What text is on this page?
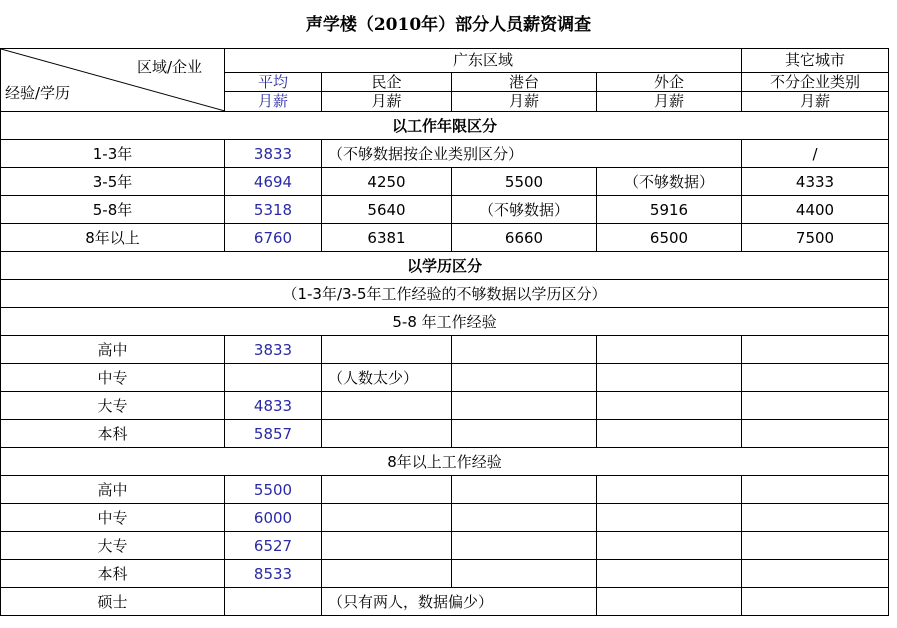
声学楼（2010年）部分人员薪资调查
区域/企业
经验/学历	广东区域				其它城市
	平均	民企	港台	外企	不分企业类别
	月薪	月薪	月薪	月薪	月薪
以工作年限区分					
1-3年	3833	（不够数据按企业类别区分）			/
3-5年	4694	4250	5500	（不够数据）	4333
5-8年	5318	5640	（不够数据）	5916	4400
8年以上	6760	6381	6660	6500	7500
以学历区分					
（1-3年/3-5年工作经验的不够数据以学历区分）					
5-8 年工作经验					
高中	3833				
中专		（人数太少）			
大专	4833				
本科	5857				
8年以上工作经验					
高中	5500				
中专	6000				
大专	6527				
本科	8533				
硕士		（只有两人，数据偏少）			
